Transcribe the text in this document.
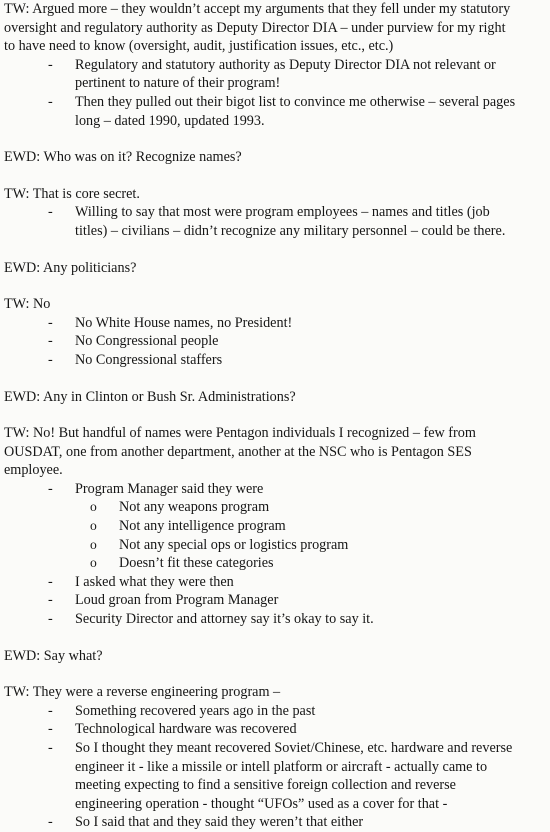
TW: Argued more – they wouldn’t accept my arguments that they fell under my statutory
oversight and regulatory authority as Deputy Director DIA – under purview for my right
to have need to know (oversight, audit, justification issues, etc., etc.)
- Regulatory and statutory authority as Deputy Director DIA not relevant or
pertinent to nature of their program!
- Then they pulled out their bigot list to convince me otherwise – several pages
long – dated 1990, updated 1993.
EWD: Who was on it? Recognize names?
TW: That is core secret.
- Willing to say that most were program employees – names and titles (job
titles) – civilians – didn’t recognize any military personnel – could be there.
EWD: Any politicians?
TW: No
- No White House names, no President!
- No Congressional people
- No Congressional staffers
EWD: Any in Clinton or Bush Sr. Administrations?
TW: No! But handful of names were Pentagon individuals I recognized – few from
OUSDAT, one from another department, another at the NSC who is Pentagon SES
employee.
- Program Manager said they were
o Not any weapons program
o Not any intelligence program
o Not any special ops or logistics program
o Doesn’t fit these categories
- I asked what they were then
- Loud groan from Program Manager
- Security Director and attorney say it’s okay to say it.
EWD: Say what?
TW: They were a reverse engineering program –
- Something recovered years ago in the past
- Technological hardware was recovered
- So I thought they meant recovered Soviet/Chinese, etc. hardware and reverse
engineer it - like a missile or intell platform or aircraft - actually came to
meeting expecting to find a sensitive foreign collection and reverse
engineering operation - thought “UFOs” used as a cover for that -
- So I said that and they said they weren’t that either
